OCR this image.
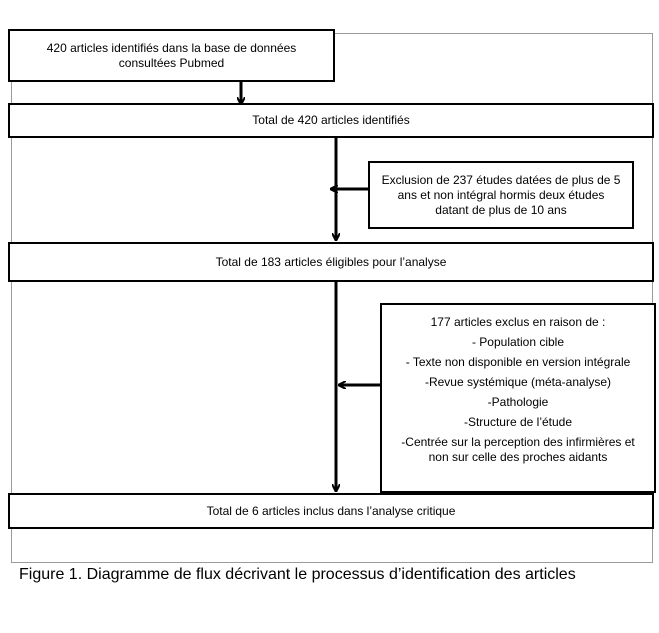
420 articles identifiés dans la base de données consultées Pubmed
Total de 420 articles identifiés
Exclusion de 237 études datées de plus de 5 ans et non intégral hormis deux études datant de plus de 10 ans
Total de 183 articles éligibles pour l’analyse
177 articles exclus en raison de :
- Population cible
- Texte non disponible en version intégrale
-Revue systémique (méta-analyse)
-Pathologie
-Structure de l’étude
-Centrée sur la perception des infirmières et non sur celle des proches aidants
Total de 6 articles inclus dans l’analyse critique
Figure 1. Diagramme de flux décrivant le processus d’identification des articles
